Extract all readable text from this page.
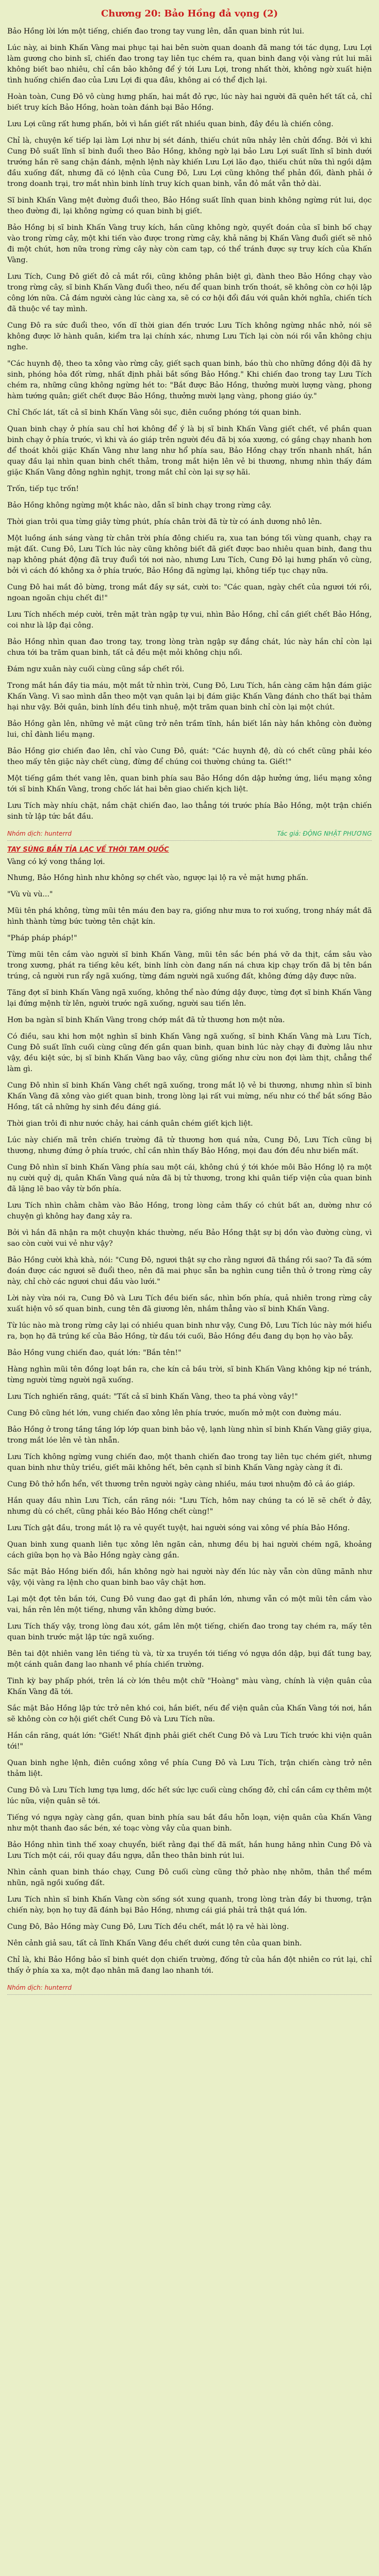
Chương 20: Bảo Hồng đả vọng (2)

Bảo Hồng lời lớn một tiếng, chiến đao trong tay vung lên, dẫn quan binh rút lui.

Lúc này, ai binh Khấn Vàng mai phục tại hai bên suờn quan doanh đã mang tới tác dụng, Lưu Lợi làm gương cho binh sĩ, chiến đao trong tay liên tục chém ra, quan binh đang vội vàng rút lui mãi không biết bao nhiêu, chỉ cần bảo không để ý tới Lưu Lợi, trong nhất thời, không ngờ xuất hiện tình huống chiến đao của Lưu Lợi đi qua đâu, không ai có thể địch lại.

Hoàn toàn, Cung Đô vô cùng hưng phấn, hai mắt đỏ rực, lúc này hai người đã quên hết tất cả, chỉ biết truy kích Bảo Hồng, hoàn toàn đánh bại Bảo Hồng.

Lưu Lợi cũng rất hưng phấn, bởi vì hắn giết rất nhiều quan binh, đây đều là chiến công.

Chỉ là, chuyện kế tiếp lại làm Lợi như bị sét đánh, thiếu chút nữa nhảy lên chửi đổng. Bởi vì khi Cung Đô suất lĩnh sĩ binh đuổi theo Bảo Hồng, không ngờ lại bảo Lưu Lợi suất lĩnh sĩ binh dưới trướng hắn rẽ sang chặn đánh, mệnh lệnh này khiến Lưu Lợi lão đạo, thiếu chút nữa thì ngồi dậm đầu xuống đất, nhưng đã có lệnh của Cung Đô, Lưu Lợi cũng không thể phản đối, đành phải ở trong doanh trại, trơ mắt nhìn binh lính truy kích quan binh, vẫn đỏ mắt vẫn thở dài.

Sĩ binh Khấn Vàng mệt đường đuổi theo, Bảo Hồng suất lĩnh quan binh không ngừng rút lui, dọc theo đường đi, lại không ngừng có quan binh bị giết.

Bảo Hồng bị sĩ binh Khấn Vàng truy kích, hắn cũng không ngờ, quyết đoán của sĩ binh bố chạy vào trong rừng cây, một khi tiến vào được trong rừng cây, khả năng bị Khấn Vàng đuổi giết sẽ nhỏ đi một chút, hơn nữa trong rừng cây này còn cam tạp, có thể tránh được sự truy kích của Khấn Vàng.

Lưu Tích, Cung Đô giết đỏ cả mắt rồi, cũng không phân biệt gì, đành theo Bảo Hồng chạy vào trong rừng cây, sĩ binh Khấn Vàng đuổi theo, nếu để quan binh trốn thoát, sẽ không còn cơ hội lập công lớn nữa. Cả đám người càng lúc càng xa, sẽ có cơ hội đổi đầu với quân khởi nghĩa, chiến tích đã thuộc về tay mình.

Cung Đô ra sức đuổi theo, vốn dĩ thời gian đến trước Lưu Tích không ngừng nhắc nhở, nói sẽ không được lỡ hành quân, kiểm tra lại chính xác, nhưng Lưu Tích lại còn nói rồi vẫn không chịu nghe.

"Các huynh đệ, theo ta xông vào rừng cây, giết sạch quan binh, báo thù cho những đồng đội đã hy sinh, phóng hỏa đốt rừng, nhất định phải bắt sống Bảo Hồng." Khi chiến đao trong tay Lưu Tích chém ra, những cũng không ngừng hét to: "Bắt được Bảo Hồng, thưởng mười lượng vàng, phong hàm tướng quân; giết chết được Bảo Hồng, thưởng mười lạng vàng, phong giáo úy."

Chỉ Chốc lát, tất cả sĩ binh Khấn Vàng sôi sục, điên cuồng phóng tới quan binh.

Quan binh chạy ở phía sau chỉ hơi không để ý là bị sĩ binh Khấn Vàng giết chết, về phần quan binh chạy ở phía trước, vì khi và áo giáp trên người đều đã bị xóa xương, có gắng chạy nhanh hơn để thoát khỏi giặc Khấn Vàng như lang như hổ phía sau, Bảo Hồng chạy trốn nhanh nhất, hắn quay đầu lại nhìn quan binh chết thảm, trong mắt hiện lên vẻ bi thương, nhưng nhìn thấy đám giặc Khấn Vàng đông nghìn nghịt, trong mắt chỉ còn lại sự sợ hãi.

Trốn, tiếp tục trốn!

Bảo Hồng không ngừng một khắc nào, dẫn sĩ binh chạy trong rừng cây.

Thời gian trôi qua từng giây từng phút, phía chân trời đã từ từ có ánh dương nhô lên.

Một luồng ánh sáng vàng từ chân trời phía đông chiếu ra, xua tan bóng tối vùng quanh, chạy ra mặt đất. Cung Đô, Lưu Tích lúc này cũng không biết đã giết được bao nhiêu quan binh, đang thu nạp không phát động đã truy đuổi tới nơi nào, nhưng Lưu Tích, Cung Đô lại hưng phấn vô cùng, bởi vì cách đó không xa ở phía trước, Bảo Hồng đã ngừng lại, không tiếp tục chạy nữa.

Cung Đô hai mắt đỏ bừng, trong mắt đầy sự sát, cười to: "Các quan, ngày chết của ngươi tới rồi, ngoan ngoãn chịu chết đi!"

Lưu Tích nhếch mép cười, trên mặt tràn ngập tự vui, nhìn Bảo Hồng, chỉ cần giết chết Bảo Hồng, coi như là lập đại công.

Bảo Hồng nhìn quan đao trong tay, trong lòng tràn ngập sự đắng chát, lúc này hắn chỉ còn lại chưa tới ba trăm quan binh, tất cả đều mệt mỏi không chịu nổi.

Đám ngư xuân này cuối cùng cũng sắp chết rồi.

Trong mắt hắn đầy tia máu, một mắt tử nhìn trời, Cung Đô, Lưu Tích, hắn càng căm hận đám giặc Khấn Vàng. Vì sao mình dẫn theo một vạn quân lại bị đám giặc Khấn Vàng đánh cho thất bại thảm hại như vậy. Bởi quân, binh lính đều tinh nhuệ, một trăm quan binh chỉ còn lại một chút.

Bảo Hồng gằn lên, những vẻ mặt cũng trở nên trầm tĩnh, hắn biết lần này hắn không còn đường lui, chỉ đành liều mạng.

Bảo Hồng giơ chiến đao lên, chỉ vào Cung Đô, quát: "Các huynh đệ, dù có chết cũng phải kéo theo mấy tên giặc này chết cùng, đừng để chúng coi thường chúng ta. Giết!"

Một tiếng gầm thét vang lên, quan binh phía sau Bảo Hồng dồn dập hưởng ứng, liều mạng xông tới sĩ binh Khấn Vàng, trong chốc lát hai bên giao chiến kịch liệt.

Lưu Tích mày nhíu chặt, nắm chặt chiến đao, lao thẳng tới trước phía Bảo Hồng, một trận chiến sinh tử lập tức bắt đầu.

Nhóm dịch: hunterrd	Tác giả: ĐỘNG NHẬT PHƯƠNG
TAY SÚNG BẮN TỈA LẠC VỀ THỜI TAM QUỐC
Vàng có ký vong thắng lợi.

Nhưng, Bảo Hồng hình như không sợ chết vào, ngược lại lộ ra vẻ mặt hưng phấn.

"Vù vù vù..."

Mũi tên phá không, từng mũi tên máu đen bay ra, giống như mưa to rơi xuống, trong nháy mắt đã hình thành từng bức tường tên chặt kín.

"Pháp pháp pháp!"

Từng mũi tên cắm vào người sĩ binh Khấn Vàng, mũi tên sắc bén phá vỡ da thịt, cắm sâu vào trong xương, phát ra tiếng kêu kết, binh lính còn đang nấn ná chưa kịp chạy trốn đã bị tên bắn trúng, cả người run rẩy ngã xuống, từng đám người ngã xuống đất, không đứng dậy được nữa.

Tăng đợt sĩ binh Khấn Vàng ngã xuống, không thể nào đứng dậy được, từng đợt sĩ binh Khấn Vàng lại đứng mệnh từ lên, người trước ngã xuống, người sau tiến lên.

Hơn ba ngàn sĩ binh Khấn Vàng trong chớp mắt đã tử thương hơn một nửa.

Có điều, sau khi hơn một nghìn sĩ binh Khấn Vàng ngã xuống, sĩ binh Khấn Vàng mà Lưu Tích, Cung Đô suất lĩnh cuối cùng cũng đến gần quan binh, quan binh lúc này chạy đi đường lâu như vậy, đều kiệt sức, bị sĩ binh Khấn Vàng bao vây, cũng giống như cừu non đợi làm thịt, chẳng thể làm gì.

Cung Đô nhìn sĩ binh Khấn Vàng chết ngã xuống, trong mắt lộ vẻ bi thương, nhưng nhìn sĩ binh Khấn Vàng đã xông vào giết quan binh, trong lòng lại rất vui mừng, nếu như có thể bắt sống Bảo Hồng, tất cả những hy sinh đều đáng giá.

Thời gian trôi đi như nước chảy, hai cánh quân chém giết kịch liệt.

Lúc này chiến mã trên chiến trường đã tử thương hơn quá nửa, Cung Đô, Lưu Tích cũng bị thương, nhưng đứng ở phía trước, chỉ cần nhìn thấy Bảo Hồng, mọi đau đớn đều như biến mất.

Cung Đô nhìn sĩ binh Khấn Vàng phía sau một cái, không chú ý tới khóe môi Bảo Hồng lộ ra một nụ cười quỷ dị, quân Khấn Vàng quá nửa đã bị tử thương, trong khi quân tiếp viện của quan binh đã lặng lẽ bao vây từ bốn phía.

Lưu Tích nhìn chằm chằm vào Bảo Hồng, trong lòng cảm thấy có chút bất an, dường như có chuyện gì không hay đang xảy ra.

Bởi vì hắn đã nhận ra một chuyện khác thường, nếu Bảo Hồng thật sự bị dồn vào đường cùng, vì sao còn cười vui vẻ như vậy?

Bảo Hồng cười khà khà, nói: "Cung Đô, ngươi thật sự cho rằng ngươi đã thắng rồi sao? Ta đã sớm đoán được các ngươi sẽ đuổi theo, nên đã mai phục sẵn ba nghìn cung tiễn thủ ở trong rừng cây này, chỉ chờ các ngươi chui đầu vào lưới."

Lời này vừa nói ra, Cung Đô và Lưu Tích đều biến sắc, nhìn bốn phía, quả nhiên trong rừng cây xuất hiện vô số quan binh, cung tên đã giương lên, nhắm thẳng vào sĩ binh Khấn Vàng.

Từ lúc nào mà trong rừng cây lại có nhiều quan binh như vậy, Cung Đô, Lưu Tích lúc này mới hiểu ra, bọn họ đã trúng kế của Bảo Hồng, từ đầu tới cuối, Bảo Hồng đều đang dụ bọn họ vào bẫy.

Bảo Hồng vung chiến đao, quát lớn: "Bắn tên!"

Hàng nghìn mũi tên đồng loạt bắn ra, che kín cả bầu trời, sĩ binh Khấn Vàng không kịp né tránh, từng người từng người ngã xuống.

Lưu Tích nghiến răng, quát: "Tất cả sĩ binh Khấn Vàng, theo ta phá vòng vây!"

Cung Đô cũng hét lớn, vung chiến đao xông lên phía trước, muốn mở một con đường máu.

Bảo Hồng ở trong tầng tầng lớp lớp quan binh bảo vệ, lạnh lùng nhìn sĩ binh Khấn Vàng giãy giụa, trong mắt lóe lên vẻ tàn nhẫn.

Lưu Tích không ngừng vung chiến đao, một thanh chiến đao trong tay liên tục chém giết, nhưng quan binh như thủy triều, giết mãi không hết, bên cạnh sĩ binh Khấn Vàng ngày càng ít đi.

Cung Đô thở hổn hển, vết thương trên người ngày càng nhiều, máu tươi nhuộm đỏ cả áo giáp.

Hắn quay đầu nhìn Lưu Tích, cắn răng nói: "Lưu Tích, hôm nay chúng ta có lẽ sẽ chết ở đây, nhưng dù có chết, cũng phải kéo Bảo Hồng chết cùng!"

Lưu Tích gật đầu, trong mắt lộ ra vẻ quyết tuyệt, hai người sóng vai xông về phía Bảo Hồng.

Quan binh xung quanh liên tục xông lên ngăn cản, nhưng đều bị hai người chém ngã, khoảng cách giữa bọn họ và Bảo Hồng ngày càng gần.

Sắc mặt Bảo Hồng biến đổi, hắn không ngờ hai người này đến lúc này vẫn còn dũng mãnh như vậy, vội vàng ra lệnh cho quan binh bao vây chặt hơn.

Lại một đợt tên bắn tới, Cung Đô vung đao gạt đi phần lớn, nhưng vẫn có một mũi tên cắm vào vai, hắn rên lên một tiếng, nhưng vẫn không dừng bước.

Lưu Tích thấy vậy, trong lòng đau xót, gầm lên một tiếng, chiến đao trong tay chém ra, mấy tên quan binh trước mặt lập tức ngã xuống.

Bên tai đột nhiên vang lên tiếng tù và, từ xa truyền tới tiếng vó ngựa dồn dập, bụi đất tung bay, một cánh quân đang lao nhanh về phía chiến trường.

Tinh kỳ bay phấp phới, trên lá cờ lớn thêu một chữ "Hoàng" màu vàng, chính là viện quân của Khấn Vàng đã tới.

Sắc mặt Bảo Hồng lập tức trở nên khó coi, hắn biết, nếu để viện quân của Khấn Vàng tới nơi, hắn sẽ không còn cơ hội giết chết Cung Đô và Lưu Tích nữa.

Hắn cắn răng, quát lớn: "Giết! Nhất định phải giết chết Cung Đô và Lưu Tích trước khi viện quân tới!"

Quan binh nghe lệnh, điên cuồng xông về phía Cung Đô và Lưu Tích, trận chiến càng trở nên thảm liệt.

Cung Đô và Lưu Tích lưng tựa lưng, dốc hết sức lực cuối cùng chống đỡ, chỉ cần cầm cự thêm một lúc nữa, viện quân sẽ tới.

Tiếng vó ngựa ngày càng gần, quan binh phía sau bắt đầu hỗn loạn, viện quân của Khấn Vàng như một thanh đao sắc bén, xé toạc vòng vây của quan binh.

Bảo Hồng nhìn tình thế xoay chuyển, biết rằng đại thế đã mất, hắn hung hăng nhìn Cung Đô và Lưu Tích một cái, rồi quay đầu ngựa, dẫn theo thân binh rút lui.

Nhìn cảnh quan binh tháo chạy, Cung Đô cuối cùng cũng thở phào nhẹ nhõm, thân thể mềm nhũn, ngã ngồi xuống đất.

Lưu Tích nhìn sĩ binh Khấn Vàng còn sống sót xung quanh, trong lòng tràn đầy bi thương, trận chiến này, bọn họ tuy đã đánh bại Bảo Hồng, nhưng cái giá phải trả thật quá lớn.

Cung Đô, Bảo Hồng mày Cung Đô, Lưu Tích đều chết, mắt lộ ra vẻ hài lòng.

Nên cảnh giả sau, tất cả lĩnh Khấn Vàng đều chết dưới cung tên của quan binh.

Chỉ là, khi Bảo Hồng bảo sĩ binh quét dọn chiến trường, đống tử của hắn đột nhiên co rút lại, chỉ thấy ở phía xa xa, một đạo nhân mã đang lao nhanh tới.

Nhóm dịch: hunterrd
